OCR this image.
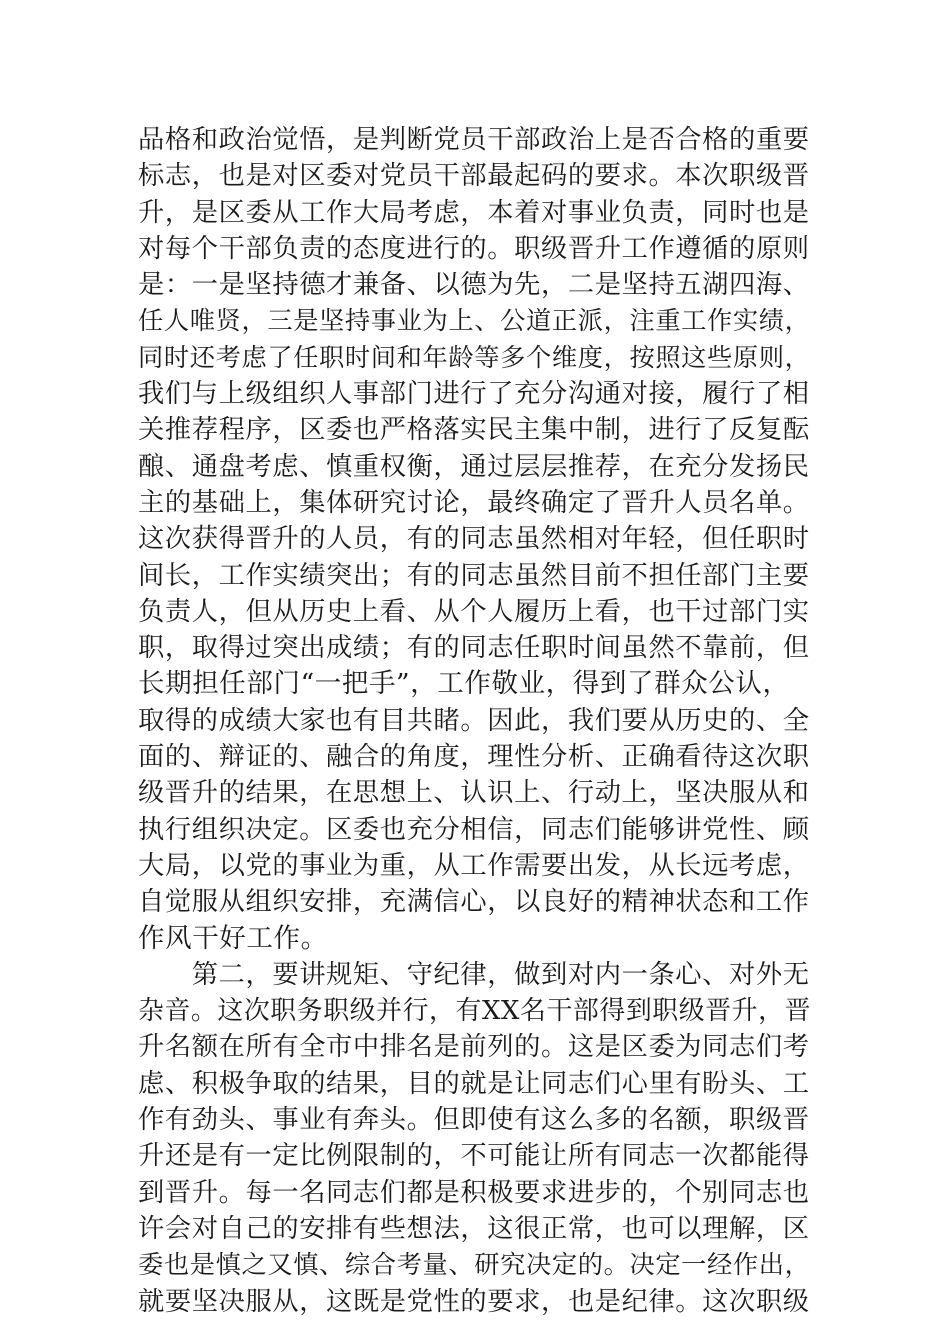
品格和政治觉悟，是判断党员干部政治上是否合格的重要
标志，也是对区委对党员干部最起码的要求。本次职级晋
升，是区委从工作大局考虑，本着对事业负责，同时也是
对每个干部负责的态度进行的。职级晋升工作遵循的原则
是：一是坚持德才兼备、以德为先，二是坚持五湖四海、
任人唯贤，三是坚持事业为上、公道正派，注重工作实绩，
同时还考虑了任职时间和年龄等多个维度，按照这些原则，
我们与上级组织人事部门进行了充分沟通对接，履行了相
关推荐程序，区委也严格落实民主集中制，进行了反复酝
酿、通盘考虑、慎重权衡，通过层层推荐，在充分发扬民
主的基础上，集体研究讨论，最终确定了晋升人员名单。
这次获得晋升的人员，有的同志虽然相对年轻，但任职时
间长，工作实绩突出；有的同志虽然目前不担任部门主要
负责人，但从历史上看、从个人履历上看，也干过部门实
职，取得过突出成绩；有的同志任职时间虽然不靠前，但
长期担任部门“一把手”，工作敬业，得到了群众公认，
取得的成绩大家也有目共睹。因此，我们要从历史的、全
面的、辩证的、融合的角度，理性分析、正确看待这次职
级晋升的结果，在思想上、认识上、行动上，坚决服从和
执行组织决定。区委也充分相信，同志们能够讲党性、顾
大局，以党的事业为重，从工作需要出发，从长远考虑，
自觉服从组织安排，充满信心，以良好的精神状态和工作
作风干好工作。
　　第二，要讲规矩、守纪律，做到对内一条心、对外无
杂音。这次职务职级并行，有XX名干部得到职级晋升，晋
升名额在所有全市中排名是前列的。这是区委为同志们考
虑、积极争取的结果，目的就是让同志们心里有盼头、工
作有劲头、事业有奔头。但即使有这么多的名额，职级晋
升还是有一定比例限制的，不可能让所有同志一次都能得
到晋升。每一名同志们都是积极要求进步的，个别同志也
许会对自己的安排有些想法，这很正常，也可以理解，区
委也是慎之又慎、综合考量、研究决定的。决定一经作出，
就要坚决服从，这既是党性的要求，也是纪律。这次职级
